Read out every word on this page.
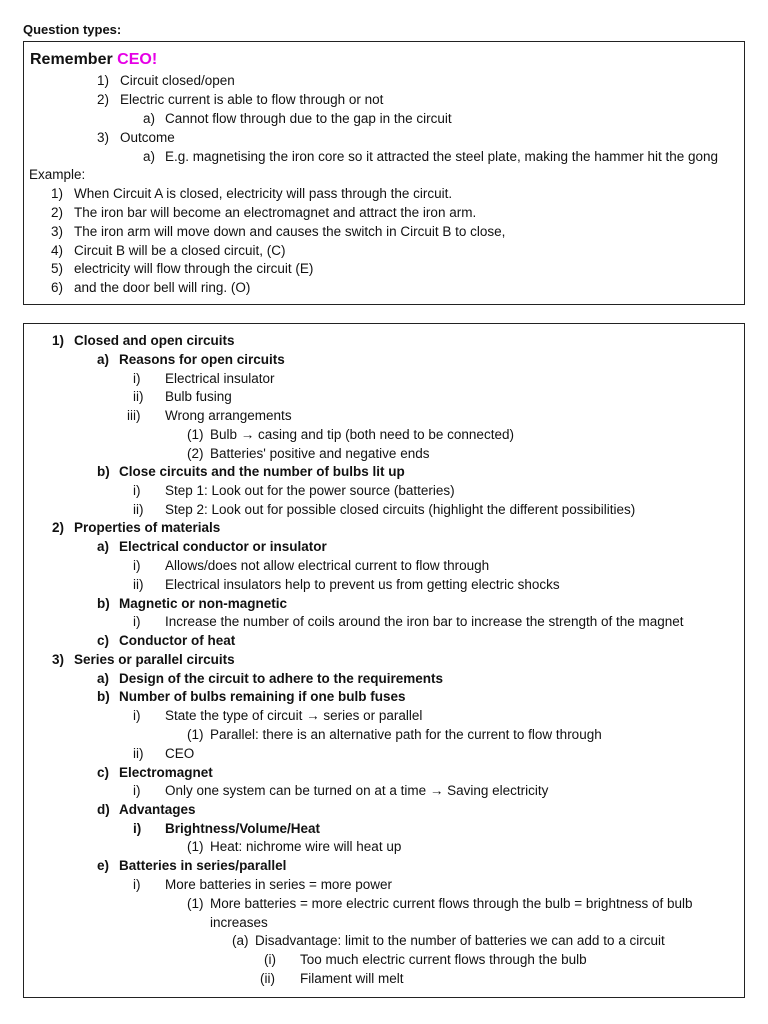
Question types:
Remember CEO!
1) Circuit closed/open
2) Electric current is able to flow through or not
a) Cannot flow through due to the gap in the circuit
3) Outcome
a) E.g. magnetising the iron core so it attracted the steel plate, making the hammer hit the gong
Example:
1) When Circuit A is closed, electricity will pass through the circuit.
2) The iron bar will become an electromagnet and attract the iron arm.
3) The iron arm will move down and causes the switch in Circuit B to close,
4) Circuit B will be a closed circuit, (C)
5) electricity will flow through the circuit (E)
6) and the door bell will ring. (O)
1) Closed and open circuits
a) Reasons for open circuits
i) Electrical insulator
ii) Bulb fusing
iii) Wrong arrangements
(1) Bulb → casing and tip (both need to be connected)
(2) Batteries' positive and negative ends
b) Close circuits and the number of bulbs lit up
i) Step 1: Look out for the power source (batteries)
ii) Step 2: Look out for possible closed circuits (highlight the different possibilities)
2) Properties of materials
a) Electrical conductor or insulator
i) Allows/does not allow electrical current to flow through
ii) Electrical insulators help to prevent us from getting electric shocks
b) Magnetic or non-magnetic
i) Increase the number of coils around the iron bar to increase the strength of the magnet
c) Conductor of heat
3) Series or parallel circuits
a) Design of the circuit to adhere to the requirements
b) Number of bulbs remaining if one bulb fuses
i) State the type of circuit → series or parallel
(1) Parallel: there is an alternative path for the current to flow through
ii) CEO
c) Electromagnet
i) Only one system can be turned on at a time → Saving electricity
d) Advantages
i) Brightness/Volume/Heat
(1) Heat: nichrome wire will heat up
e) Batteries in series/parallel
i) More batteries in series = more power
(1) More batteries = more electric current flows through the bulb = brightness of bulb
increases
(a) Disadvantage: limit to the number of batteries we can add to a circuit
(i) Too much electric current flows through the bulb
(ii) Filament will melt
